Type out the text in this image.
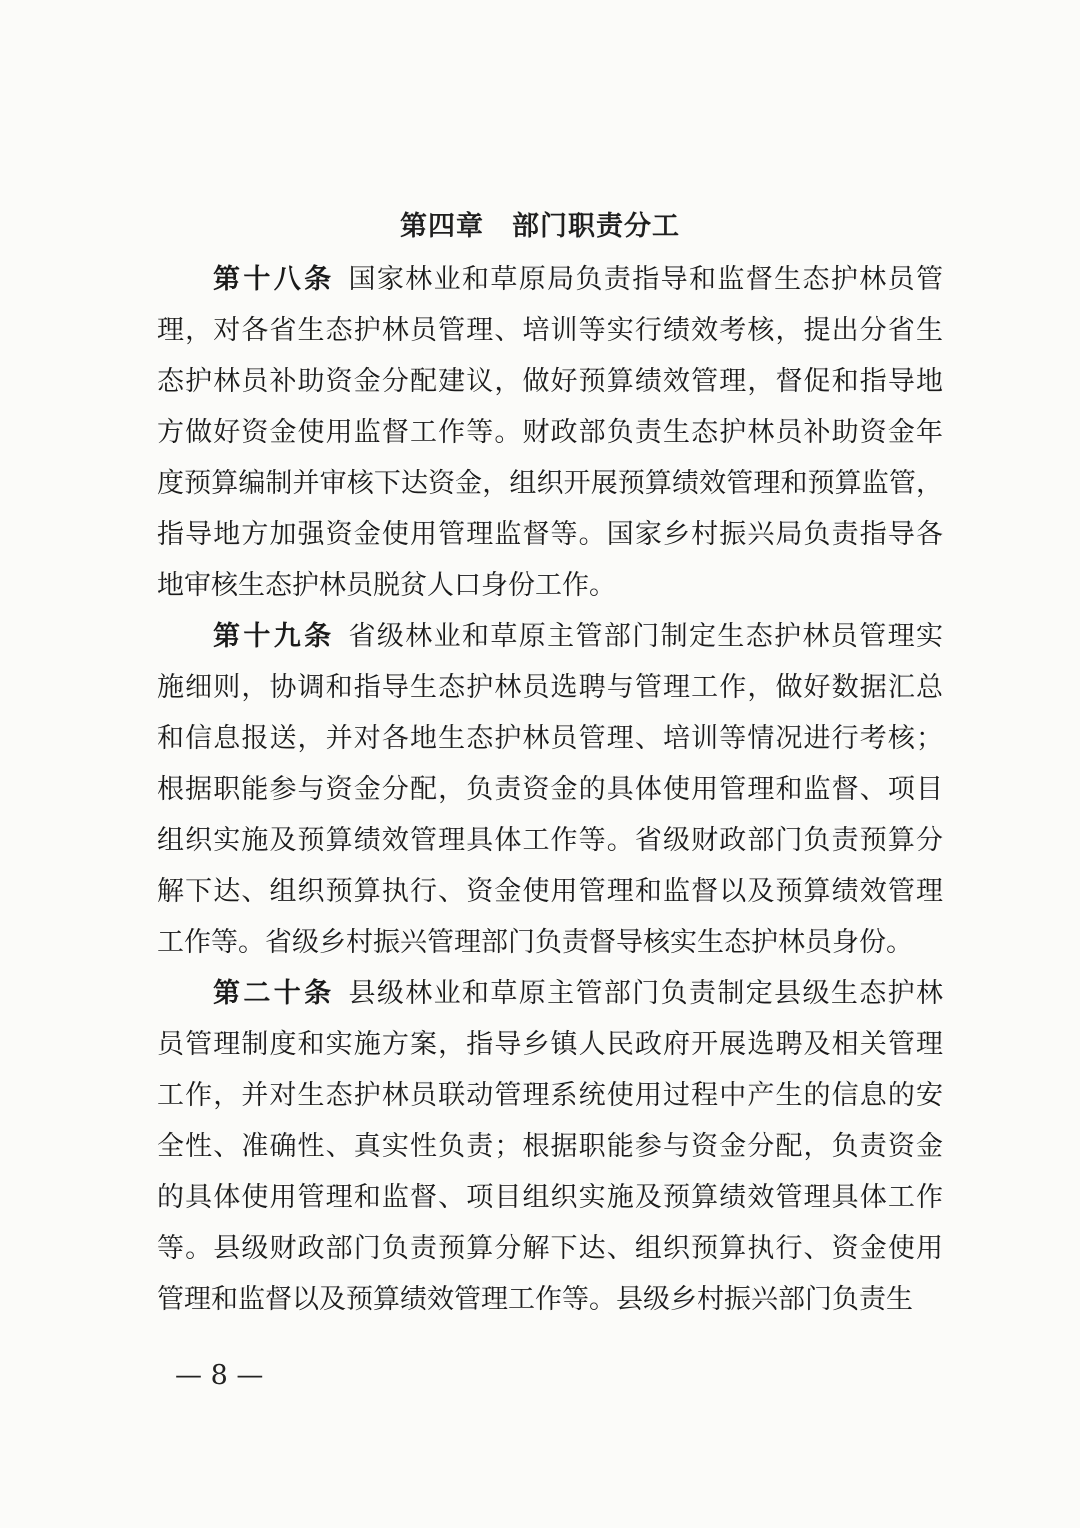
第四章 部门职责分工
第十八条 国家林业和草原局负责指导和监督生态护林员管
理，对各省生态护林员管理、培训等实行绩效考核，提出分省生
态护林员补助资金分配建议，做好预算绩效管理，督促和指导地
方做好资金使用监督工作等。财政部负责生态护林员补助资金年
度预算编制并审核下达资金，组织开展预算绩效管理和预算监管，
指导地方加强资金使用管理监督等。国家乡村振兴局负责指导各
地审核生态护林员脱贫人口身份工作。
第十九条 省级林业和草原主管部门制定生态护林员管理实
施细则，协调和指导生态护林员选聘与管理工作，做好数据汇总
和信息报送，并对各地生态护林员管理、培训等情况进行考核；
根据职能参与资金分配，负责资金的具体使用管理和监督、项目
组织实施及预算绩效管理具体工作等。省级财政部门负责预算分
解下达、组织预算执行、资金使用管理和监督以及预算绩效管理
工作等。省级乡村振兴管理部门负责督导核实生态护林员身份。
第二十条 县级林业和草原主管部门负责制定县级生态护林
员管理制度和实施方案，指导乡镇人民政府开展选聘及相关管理
工作，并对生态护林员联动管理系统使用过程中产生的信息的安
全性、准确性、真实性负责；根据职能参与资金分配，负责资金
的具体使用管理和监督、项目组织实施及预算绩效管理具体工作
等。县级财政部门负责预算分解下达、组织预算执行、资金使用
管理和监督以及预算绩效管理工作等。县级乡村振兴部门负责生
— 8 —
